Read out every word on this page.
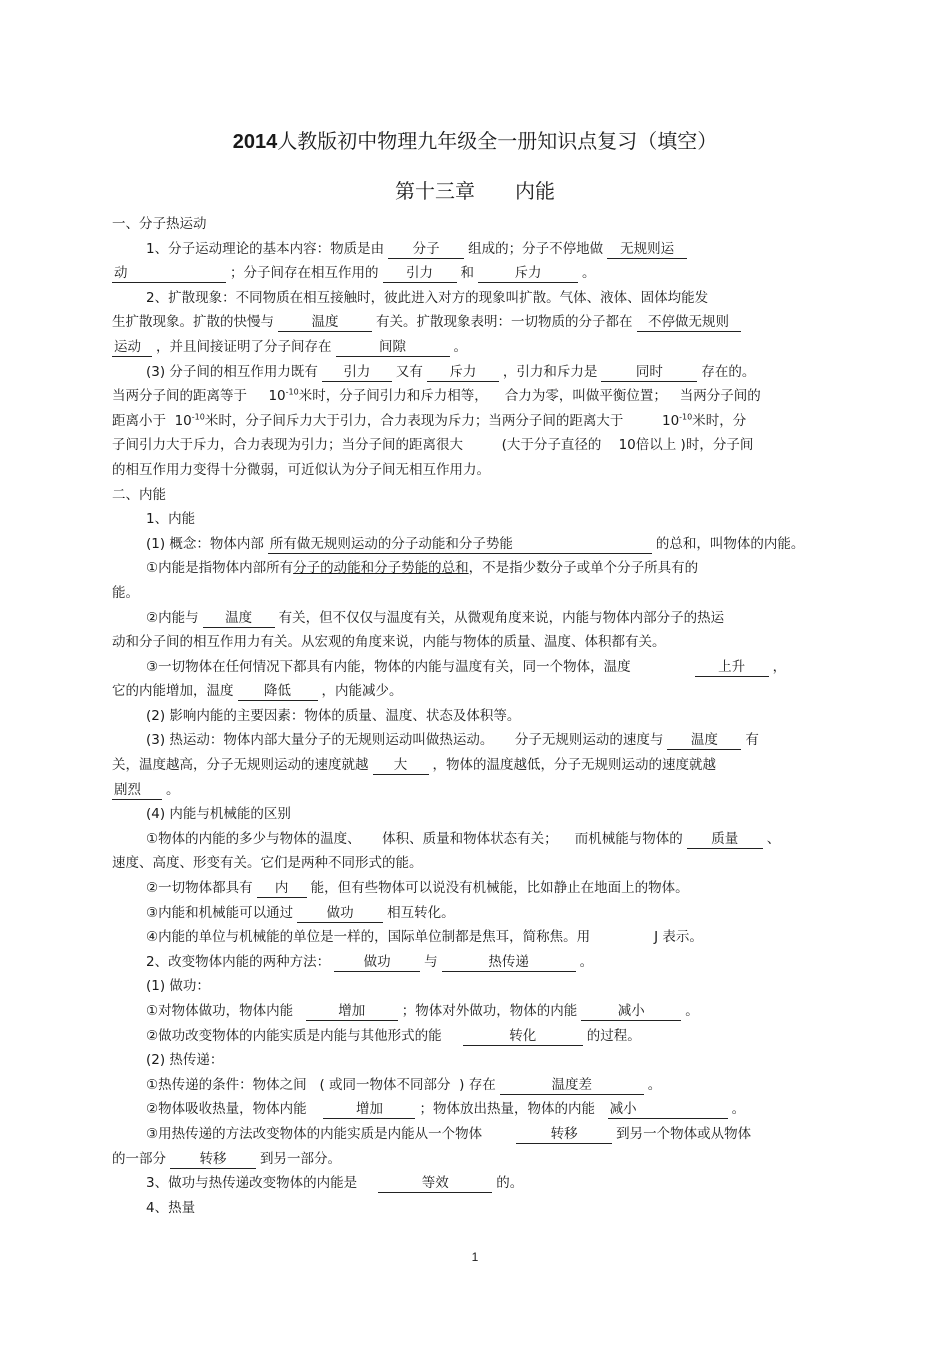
2014人教版初中物理九年级全一册知识点复习（填空）
第十三章 内能

一、分子热运动

1、分子运动理论的基本内容：物质是由 分子 组成的；分子不停地做 无规则运

动	；分子间存在相互作用的 引力 和	斥力	。

2、扩散现象：不同物质在相互接触时，彼此进入对方的现象叫扩散。气体、液体、固体均能发

生扩散现象。扩散的快慢与	温度	有关。扩散现象表明：一切物质的分子都在 不停做无规则

运动 ，并且间接证明了分子间存在	间隙	。

(3) 分子间的相互作用力既有 引力 又有 斥力 ，引力和斥力是	同时	存在的。

当两分子间的距离等于 $10^{-10}$米时，分子间引力和斥力相等， 合力为零，叫做平衡位置； 当两分子间的

距离小于 $10^{-10}$米时，分子间斥力大于引力，合力表现为斥力；当两分子间的距离大于	$10^{-10}$米时，分

子间引力大于斥力，合力表现为引力；当分子间的距离很大	(大于分子直径的 10倍以上 )时，分子间

的相互作用力变得十分微弱，可近似认为分子间无相互作用力。

二、内能

1、内能

(1) 概念：物体内部 所有做无规则运动的分子动能和分子势能	的总和，叫物体的内能。

①内能是指物体内部所有分子的动能和分子势能的总和，不是指少数分子或单个分子所具有的

能。

②内能与 温度 有关，但不仅仅与温度有关，从微观角度来说，内能与物体内部分子的热运

动和分子间的相互作用力有关。从宏观的角度来说，内能与物体的质量、温度、体积都有关。

③一切物体在任何情况下都具有内能，物体的内能与温度有关，同一个物体，温度	上升 ，

它的内能增加，温度 降低 ，内能减少。

(2) 影响内能的主要因素：物体的质量、温度、状态及体积等。

(3) 热运动：物体内部大量分子的无规则运动叫做热运动。 分子无规则运动的速度与 温度 有

关，温度越高，分子无规则运动的速度就越 大 ，物体的温度越低，分子无规则运动的速度就越

剧烈 。

(4) 内能与机械能的区别

①物体的内能的多少与物体的温度、 体积、质量和物体状态有关； 而机械能与物体的 质量 、

速度、高度、形变有关。它们是两种不同形式的能。

②一切物体都具有 内 能，但有些物体可以说没有机械能，比如静止在地面上的物体。

③内能和机械能可以通过 做功 相互转化。

④内能的单位与机械能的单位是一样的，国际单位制都是焦耳，简称焦。用	J 表示。

2、改变物体内能的两种方法： 做功 与	热传递	。

(1) 做功：

①对物体做功，物体内能	增加	；物体对外做功，物体的内能	减小	。

②做功改变物体的内能实质是内能与其他形式的能	转化	的过程。

(2) 热传递：

①热传递的条件：物体之间 ( 或同一物体不同部分 ) 存在	温度差	。

②物体吸收热量，物体内能	增加	；物体放出热量，物体的内能 减小	。

③用热传递的方法改变物体的内能实质是内能从一个物体	转移	到另一个物体或从物体

的一部分 转移 到另一部分。

3、做功与热传递改变物体的内能是	等效	的。

4、热量

1
